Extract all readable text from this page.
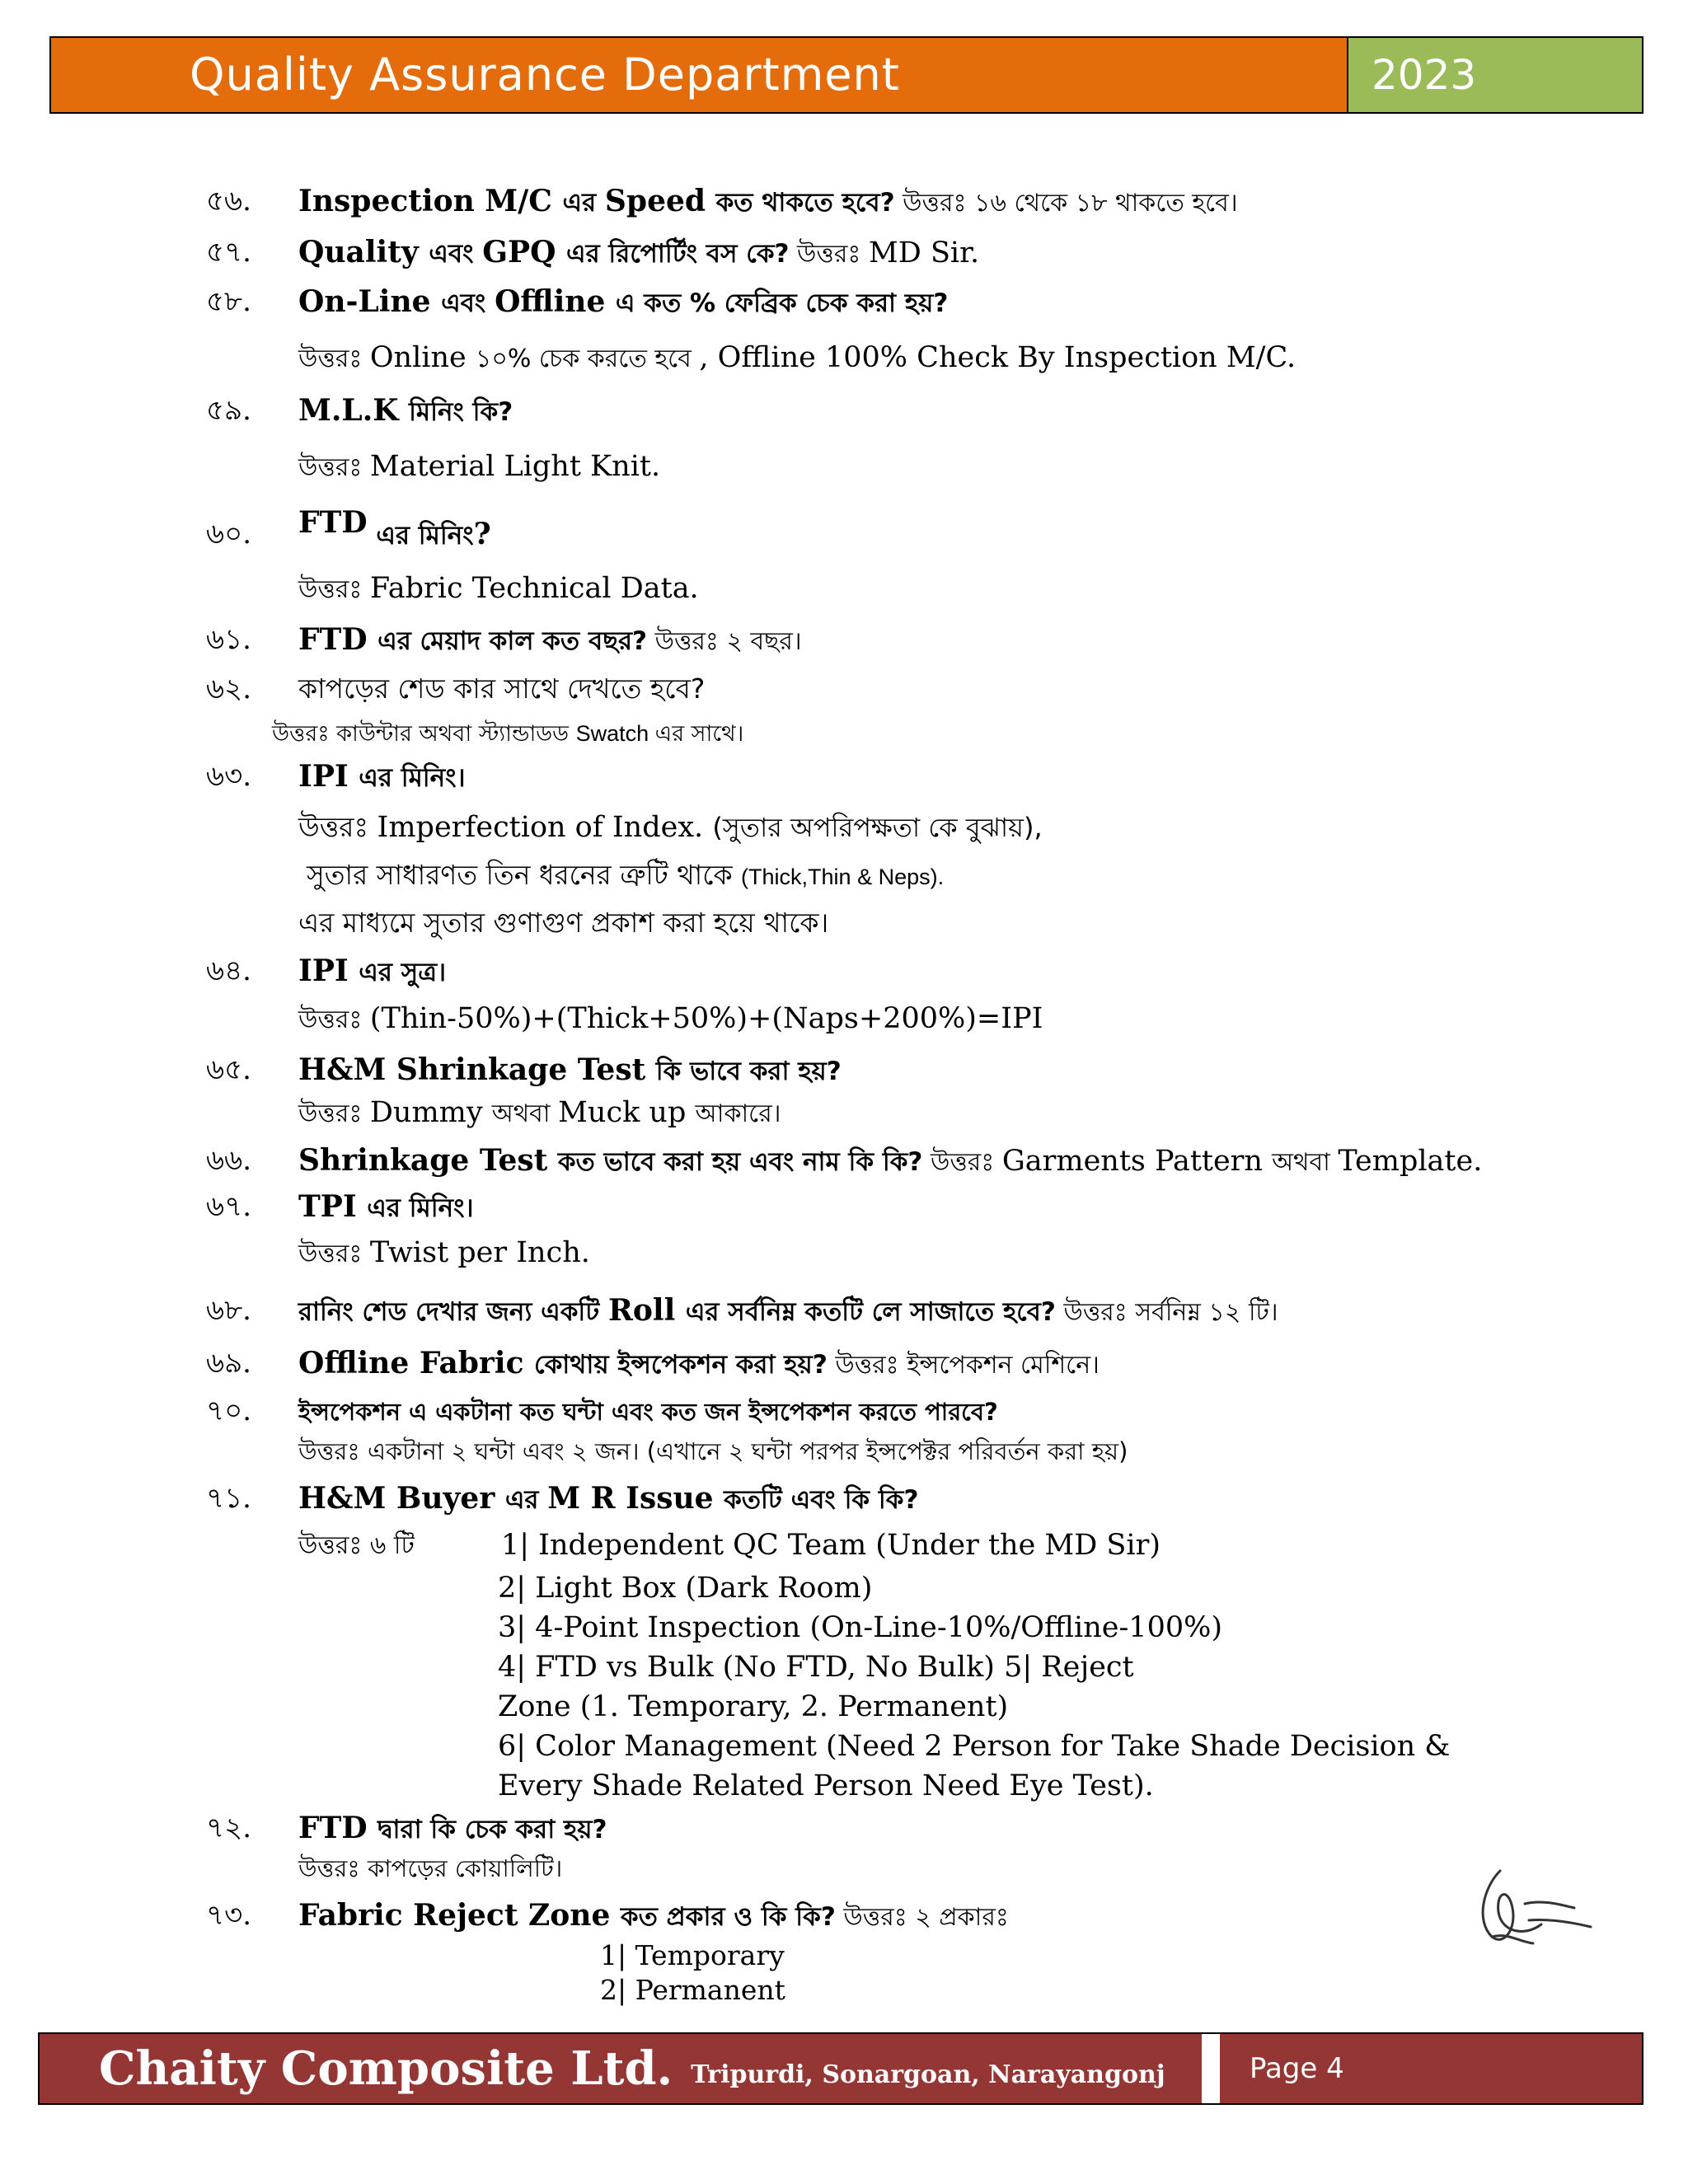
Quality Assurance Department	2023
৫৬. Inspection M/C এর Speed কত থাকতে হবে? উত্তরঃ ১৬ থেকে ১৮ থাকতে হবে।
৫৭. Quality এবং GPQ এর রিপোর্টিং বস কে? উত্তরঃ MD Sir.
৫৮. On-Line এবং Offline এ কত % ফেব্রিক চেক করা হয়?
উত্তরঃ Online ১০% চেক করতে হবে , Offline 100% Check By Inspection M/C.
৫৯. M.L.K মিনিং কি?
উত্তরঃ Material Light Knit.
৬০. FTD এর মিনিং?
উত্তরঃ Fabric Technical Data.
৬১. FTD এর মেয়াদ কাল কত বছর? উত্তরঃ ২ বছর।
৬২. কাপড়ের শেড কার সাথে দেখতে হবে?
উত্তরঃ কাউন্টার অথবা স্ট্যান্ডাডড Swatch এর সাথে।
৬৩. IPI এর মিনিং।
উত্তরঃ Imperfection of Index. (সুতার অপরিপক্ষতা কে বুঝায়),
সুতার সাধারণত তিন ধরনের ত্রুটি থাকে (Thick,Thin & Neps).
এর মাধ্যমে সুতার গুণাগুণ প্রকাশ করা হয়ে থাকে।
৬৪. IPI এর সুত্র।
উত্তরঃ (Thin-50%)+(Thick+50%)+(Naps+200%)=IPI
৬৫. H&M Shrinkage Test কি ভাবে করা হয়?
উত্তরঃ Dummy অথবা Muck up আকারে।
৬৬. Shrinkage Test কত ভাবে করা হয় এবং নাম কি কি? উত্তরঃ Garments Pattern অথবা Template.
৬৭. TPI এর মিনিং।
উত্তরঃ Twist per Inch.
৬৮. রানিং শেড দেখার জন্য একটি Roll এর সর্বনিম্ন কতটি লে সাজাতে হবে? উত্তরঃ সর্বনিম্ন ১২ টি।
৬৯. Offline Fabric কোথায় ইন্সপেকশন করা হয়? উত্তরঃ ইন্সপেকশন মেশিনে।
৭০. ইন্সপেকশন এ একটানা কত ঘন্টা এবং কত জন ইন্সপেকশন করতে পারবে?
উত্তরঃ একটানা ২ ঘন্টা এবং ২ জন। (এখানে ২ ঘন্টা পরপর ইন্সপেক্টর পরিবর্তন করা হয়)
৭১. H&M Buyer এর M R Issue কতটি এবং কি কি?
উত্তরঃ ৬ টি	1| Independent QC Team (Under the MD Sir)
2| Light Box (Dark Room)
3| 4-Point Inspection (On-Line-10%/Offline-100%)
4| FTD vs Bulk (No FTD, No Bulk) 5| Reject
Zone (1. Temporary, 2. Permanent)
6| Color Management (Need 2 Person for Take Shade Decision &
Every Shade Related Person Need Eye Test).
৭২. FTD দ্বারা কি চেক করা হয়?
উত্তরঃ কাপড়ের কোয়ালিটি।
৭৩. Fabric Reject Zone কত প্রকার ও কি কি? উত্তরঃ ২ প্রকারঃ
1| Temporary
2| Permanent
Chaity Composite Ltd. Tripurdi, Sonargoan, Narayangonj	Page 4
